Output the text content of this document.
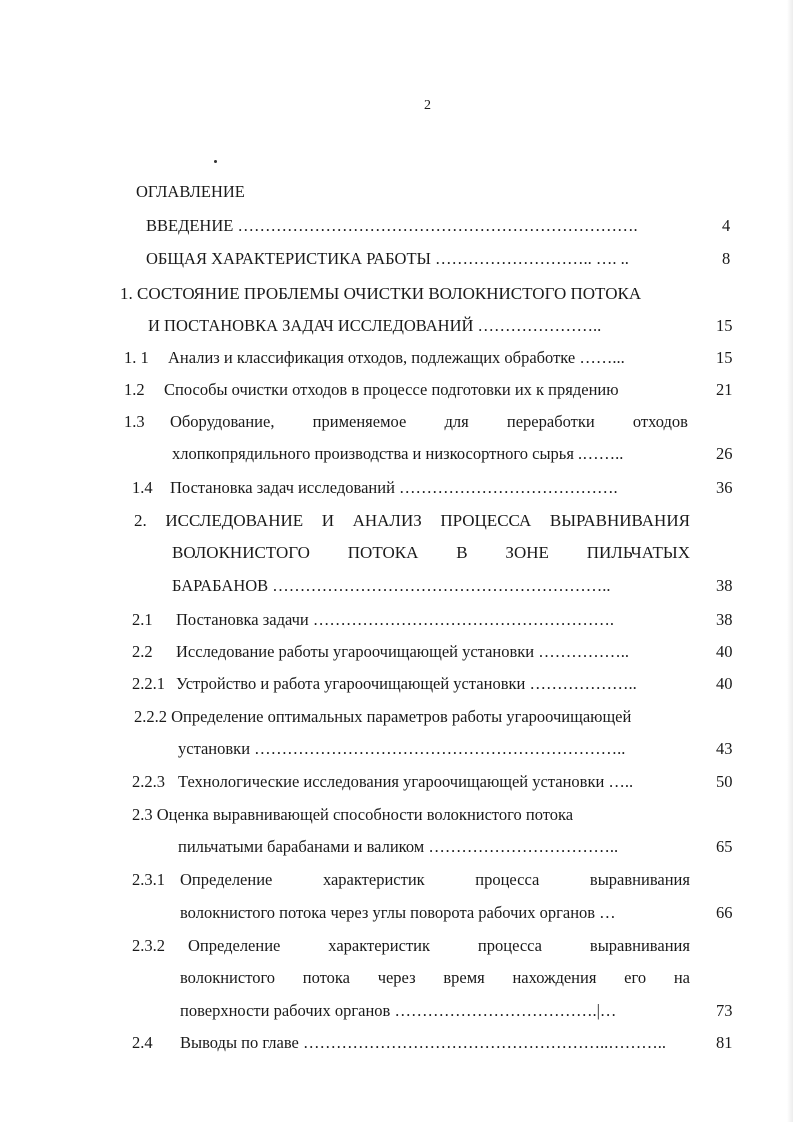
2
ОГЛАВЛЕНИЕ
ВВЕДЕНИЕ ……………………………………………………………….	4
ОБЩАЯ ХАРАКТЕРИСТИКА РАБОТЫ ……………………….. …. ..	8
1. СОСТОЯНИЕ ПРОБЛЕМЫ ОЧИСТКИ ВОЛОКНИСТОГО ПОТОКА
И ПОСТАНОВКА ЗАДАЧ ИССЛЕДОВАНИЙ …………………..	15
1. 1 Анализ и классификация отходов, подлежащих обработке ……...	15
1.2 Способы очистки отходов в процессе подготовки их к прядению	21
1.3 Оборудование, применяемое для переработки отходов
хлопкопрядильного производства и низкосортного сырья .……..	26
1.4 Постановка задач исследований ………………………………….	36
2. ИССЛЕДОВАНИЕ И АНАЛИЗ ПРОЦЕССА ВЫРАВНИВАНИЯ
ВОЛОКНИСТОГО ПОТОКА В ЗОНЕ ПИЛЬЧАТЫХ
БАРАБАНОВ ……………………………………………………..	38
2.1 Постановка задачи ……………………………………………….	38
2.2 Исследование работы угароочищающей установки ……………..	40
2.2.1 Устройство и работа угароочищающей установки ………………..	40
2.2.2 Определение оптимальных параметров работы угароочищающей
установки …………………………………………………………..	43
2.2.3 Технологические исследования угароочищающей установки …..	50
2.3 Оценка выравнивающей способности волокнистого потока
пильчатыми барабанами и валиком ……………………………..	65
2.3.1 Определение	характеристик	процесса	выравнивания
волокнистого потока через углы поворота рабочих органов …	66
2.3.2 Определение	характеристик	процесса	выравнивания
волокнистого потока через время нахождения его на
поверхности рабочих органов ……………………………….|…	73
2.4 Выводы по главе ………………………………………………..………..	81
